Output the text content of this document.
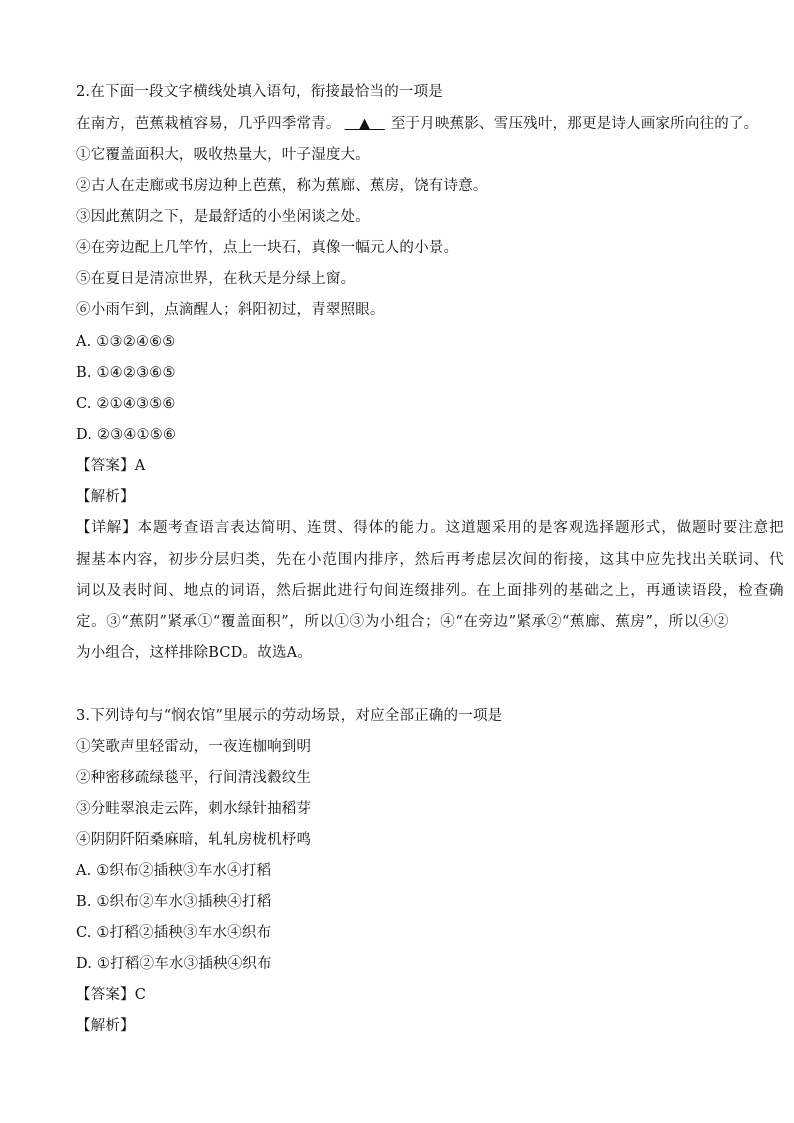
2.在下面一段文字横线处填入语句，衔接最恰当的一项是
在南方，芭蕉栽植容易，几乎四季常青。 ▲ 至于月映蕉影、雪压残叶，那更是诗人画家所向往的了。
①它覆盖面积大，吸收热量大，叶子湿度大。
②古人在走廊或书房边种上芭蕉，称为蕉廊、蕉房，饶有诗意。
③因此蕉阴之下，是最舒适的小坐闲谈之处。
④在旁边配上几竿竹，点上一块石，真像一幅元人的小景。
⑤在夏日是清凉世界，在秋天是分绿上窗。
⑥小雨乍到，点滴醒人；斜阳初过，青翠照眼。
A. ①③②④⑥⑤
B. ①④②③⑥⑤
C. ②①④③⑤⑥
D. ②③④①⑤⑥
【答案】A
【解析】
【详解】本题考查语言表达简明、连贯、得体的能力。这道题采用的是客观选择题形式，做题时要注意把
握基本内容，初步分层归类，先在小范围内排序，然后再考虑层次间的衔接，这其中应先找出关联词、代
词以及表时间、地点的词语，然后据此进行句间连缀排列。在上面排列的基础之上，再通读语段，检查确
定。③“蕉阴”紧承①“覆盖面积”，所以①③为小组合；④“在旁边”紧承②“蕉廊、蕉房”，所以④②
为小组合，这样排除BCD。故选A。
3.下列诗句与“悯农馆”里展示的劳动场景，对应全部正确的一项是
①笑歌声里轻雷动，一夜连枷响到明
②种密移疏绿毯平，行间清浅縠纹生
③分畦翠浪走云阵，刺水绿针抽稻芽
④阴阴阡陌桑麻暗，轧轧房栊机杼鸣
A. ①织布②插秧③车水④打稻
B. ①织布②车水③插秧④打稻
C. ①打稻②插秧③车水④织布
D. ①打稻②车水③插秧④织布
【答案】C
【解析】
